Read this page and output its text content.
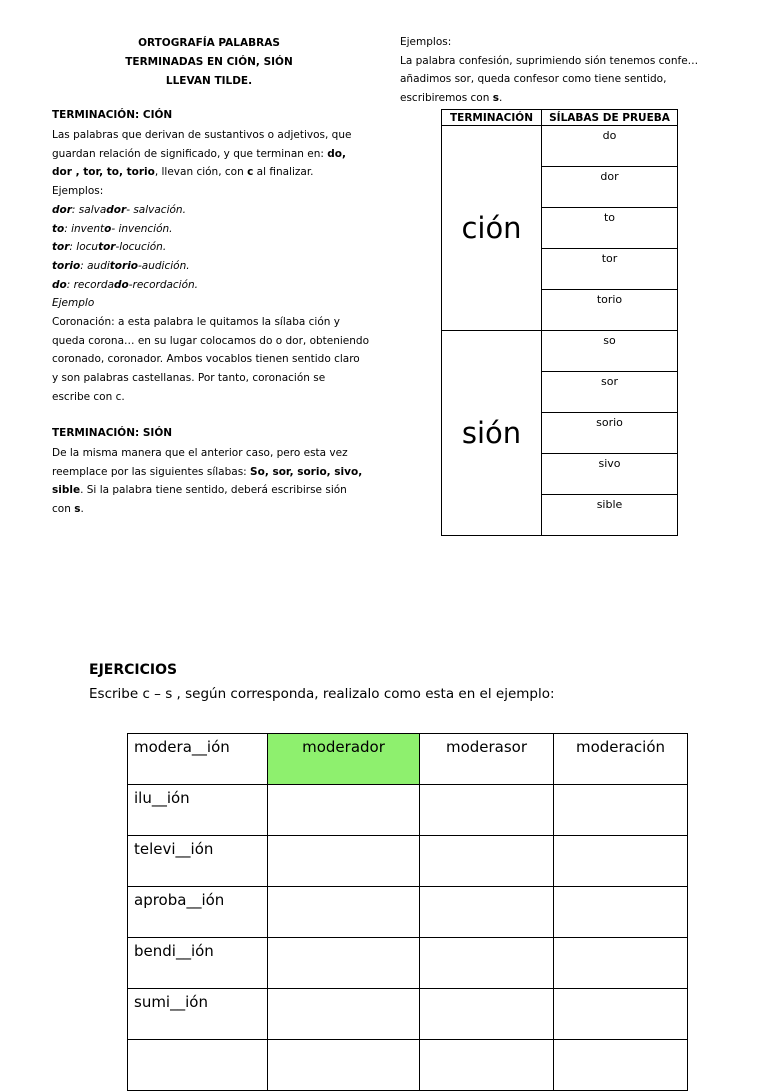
ORTOGRAFÍA PALABRAS
TERMINADAS EN CIÓN, SIÓN
LLEVAN TILDE.
TERMINACIÓN: CIÓN
Las palabras que derivan de sustantivos o adjetivos, que
guardan relación de significado, y que terminan en: do,
dor , tor, to, torio, llevan ción, con c al finalizar.
Ejemplos:
dor: salvador- salvación.
to: invento- invención.
tor: locutor-locución.
torio: auditorio-audición.
do: recordado-recordación.
Ejemplo
Coronación: a esta palabra le quitamos la sílaba ción y
queda corona… en su lugar colocamos do o dor, obteniendo
coronado, coronador. Ambos vocablos tienen sentido claro
y son palabras castellanas. Por tanto, coronación se
escribe con c.
TERMINACIÓN: SIÓN
De la misma manera que el anterior caso, pero esta vez
reemplace por las siguientes sílabas: So, sor, sorio, sivo,
sible. Si la palabra tiene sentido, deberá escribirse sión
con s.
Ejemplos:
La palabra confesión, suprimiendo sión tenemos confe…
añadimos sor, queda confesor como tiene sentido,
escribiremos con s.
TERMINACIÓN	SÍLABAS DE PRUEBA
ción	do
	dor
	to
	tor
	torio
sión	so
	sor
	sorio
	sivo
	sible
EJERCICIOS
Escribe c – s , según corresponda, realizalo como esta en el ejemplo:
modera__ión	moderador	moderasor	moderación
ilu__ión			
televi__ión			
aproba__ión			
bendi__ión			
sumi__ión			
